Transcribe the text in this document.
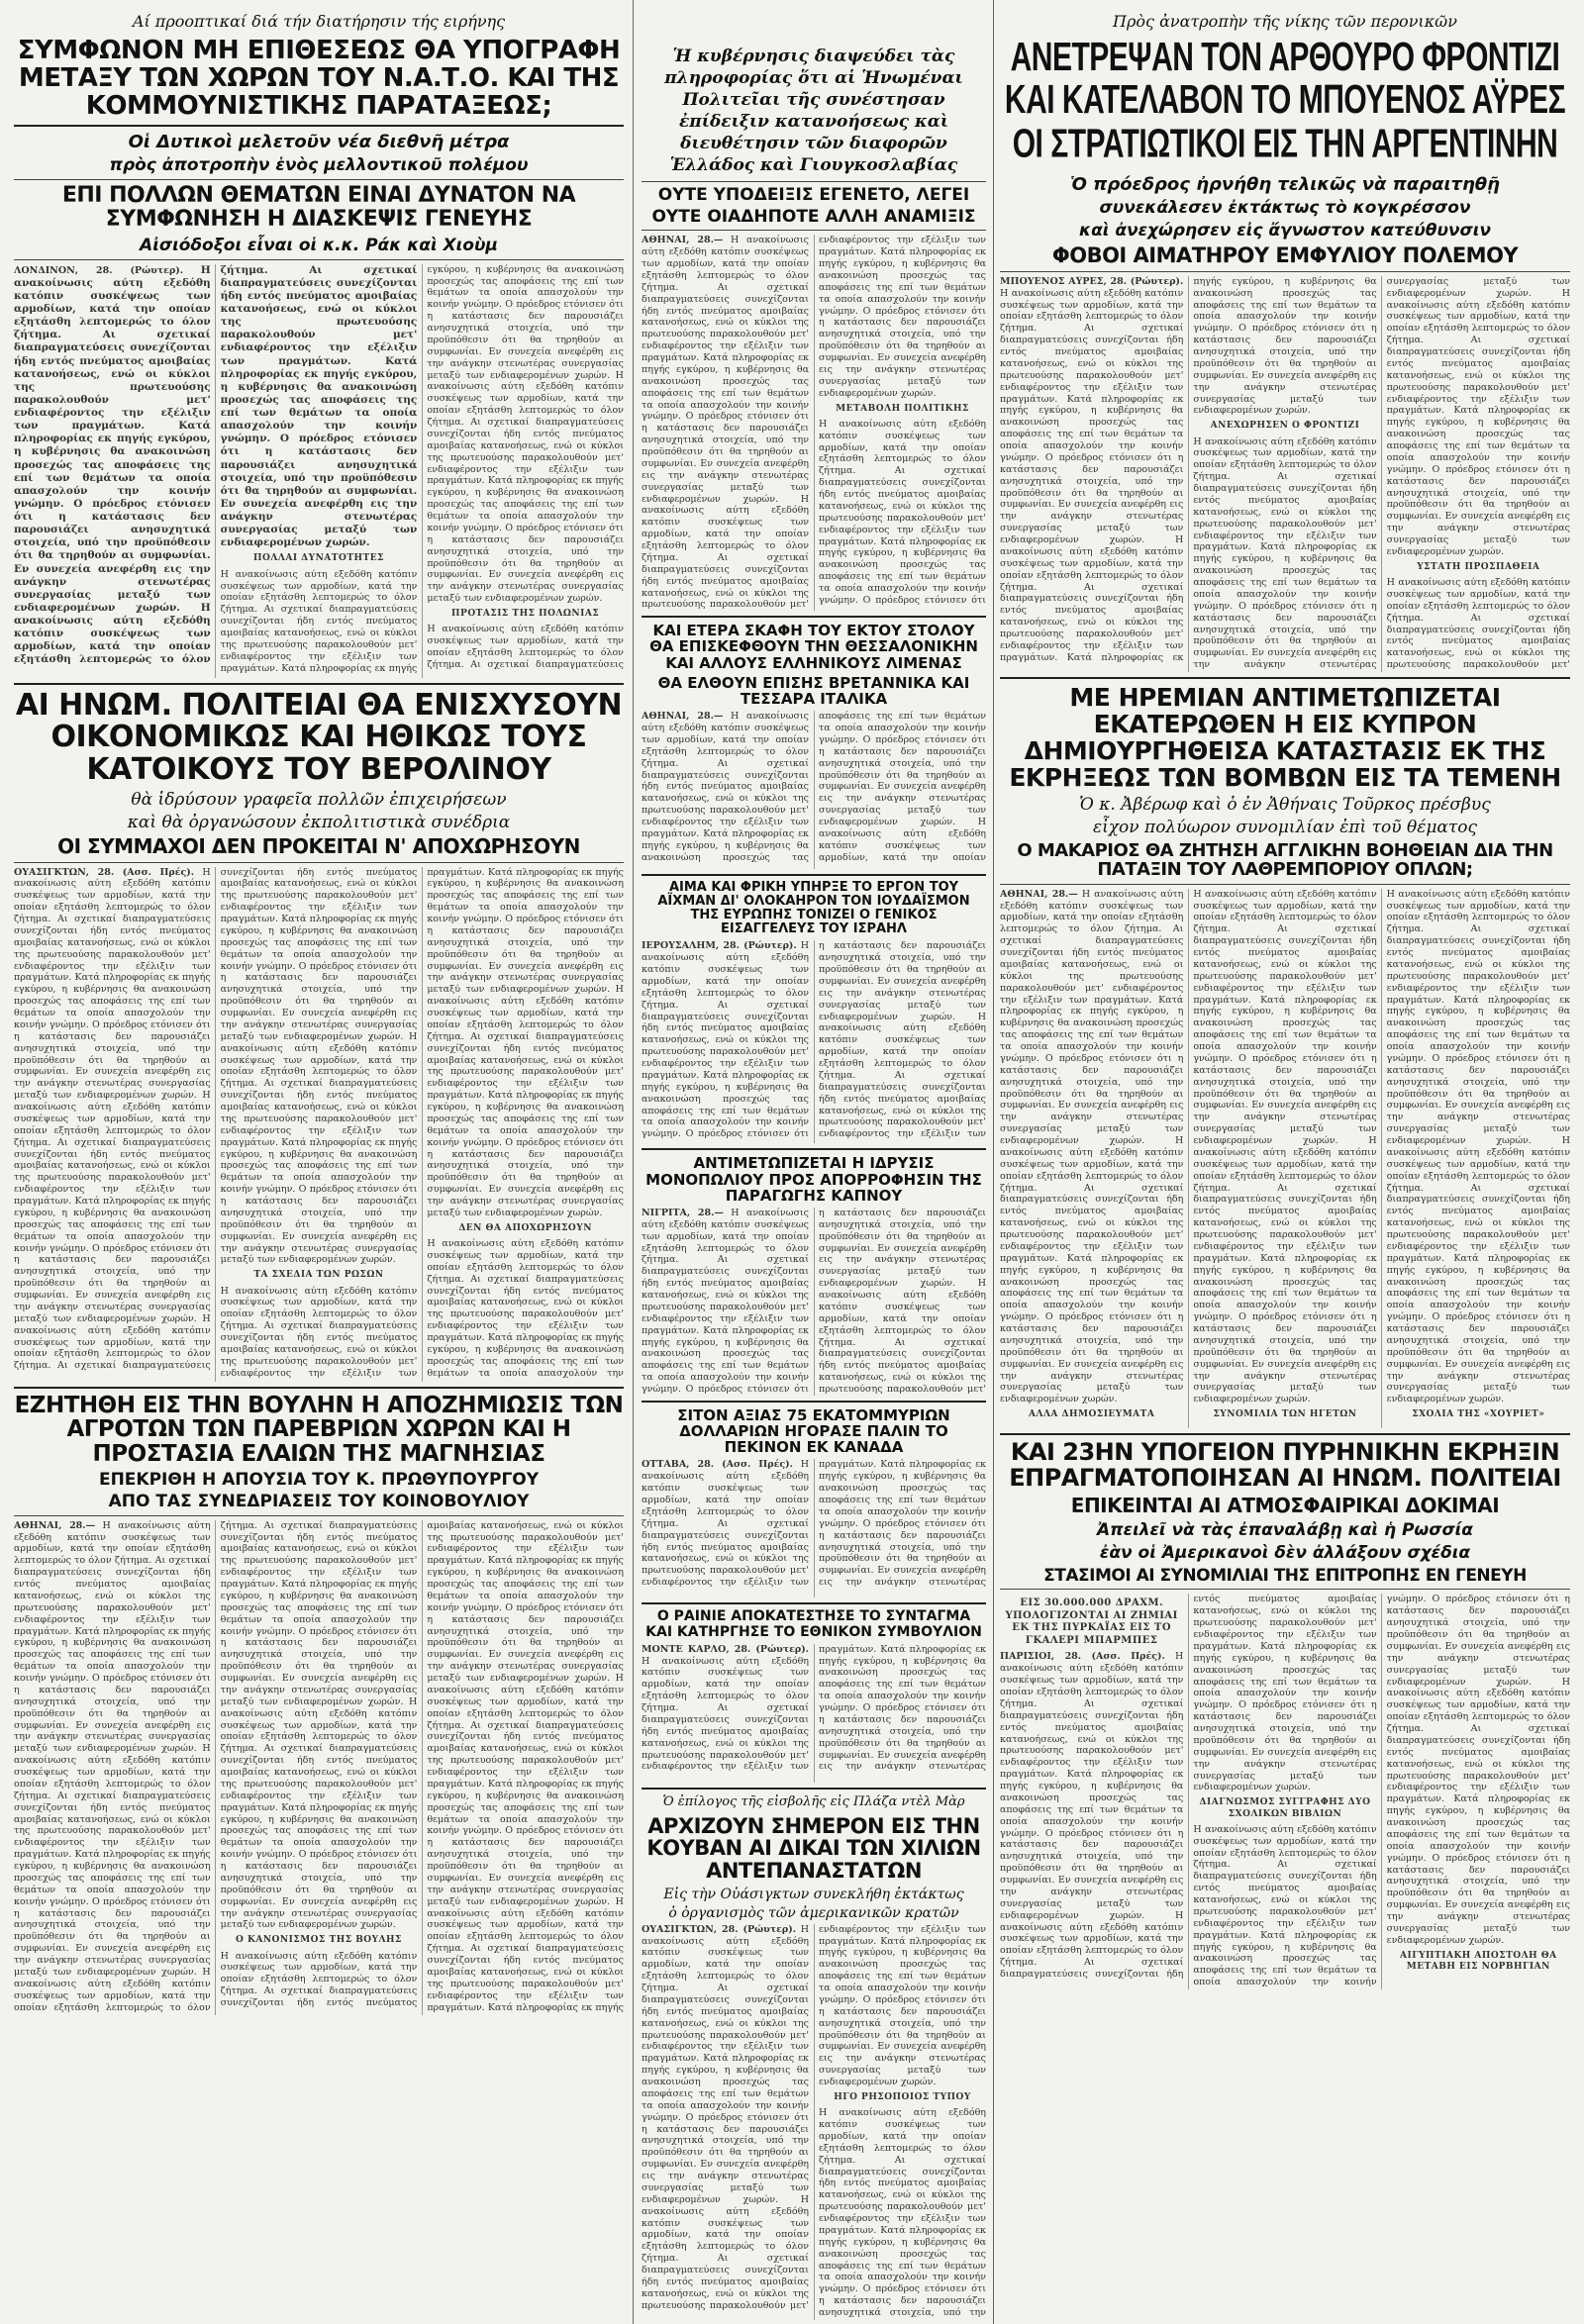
Αί προοπτικαί διά τήν διατήρησιν τής ειρήνης
ΣΥΜΦΩΝΟΝ ΜΗ ΕΠΙΘΕΣΕΩΣ ΘΑ ΥΠΟΓΡΑΦΗ ΜΕΤΑΞΥ ΤΩΝ ΧΩΡΩΝ ΤΟΥ Ν.Α.Τ.Ο. ΚΑΙ ΤΗΣ ΚΟΜΜΟΥΝΙΣΤΙΚΗΣ ΠΑΡΑΤΑΞΕΩΣ;
Οἱ Δυτικοὶ μελετοῦν νέα διεθνῆ μέτρα
πρὸς ἀποτροπὴν ἑνὸς μελλοντικοῦ πολέμου
ΕΠΙ ΠΟΛΛΩΝ ΘΕΜΑΤΩΝ ΕΙΝΑΙ ΔΥΝΑΤΟΝ ΝΑ ΣΥΜΦΩΝΗΣΗ Η ΔΙΑΣΚΕΨΙΣ ΓΕΝΕΥΗΣ
Αἰσιόδοξοι εἶναι οἱ κ.κ. Ράκ καὶ Χιοὺμ
ΛΟΝΔΙΝΟΝ, 28. (Ρώυτερ). Η ανακοίνωσις αύτη εξεδόθη κατόπιν συσκέψεως των αρμοδίων, κατά την οποίαν εξητάσθη λεπτομερώς το όλον ζήτημα. Αι σχετικαί διαπραγματεύσεις συνεχίζονται ήδη εντός πνεύματος αμοιβαίας κατανοήσεως, ενώ οι κύκλοι της πρωτευούσης παρακολουθούν μετ' ενδιαφέροντος την εξέλιξιν των πραγμάτων. Κατά πληροφορίας εκ πηγής εγκύρου, η κυβέρνησις θα ανακοινώση προσεχώς τας αποφάσεις της επί των θεμάτων τα οποία απασχολούν την κοινήν γνώμην. Ο πρόεδρος ετόνισεν ότι η κατάστασις δεν παρουσιάζει ανησυχητικά στοιχεία, υπό την προϋπόθεσιν ότι θα τηρηθούν αι συμφωνίαι. Εν συνεχεία ανεφέρθη εις την ανάγκην στενωτέρας συνεργασίας μεταξύ των ενδιαφερομένων χωρών. Η ανακοίνωσις αύτη εξεδόθη κατόπιν συσκέψεως των αρμοδίων, κατά την οποίαν εξητάσθη λεπτομερώς το όλον ζήτημα. Αι σχετικαί διαπραγματεύσεις συνεχίζονται ήδη εντός πνεύματος αμοιβαίας κατανοήσεως, ενώ οι κύκλοι της πρωτευούσης παρακολουθούν μετ' ενδιαφέροντος την εξέλιξιν των πραγμάτων. Κατά πληροφορίας εκ πηγής εγκύρου, η κυβέρνησις θα ανακοινώση προσεχώς τας αποφάσεις της επί των θεμάτων τα οποία απασχολούν την κοινήν γνώμην. Ο πρόεδρος ετόνισεν ότι η κατάστασις δεν παρουσιάζει ανησυχητικά στοιχεία, υπό την προϋπόθεσιν ότι θα τηρηθούν αι συμφωνίαι. Εν συνεχεία ανεφέρθη εις την ανάγκην στενωτέρας συνεργασίας μεταξύ των ενδιαφερομένων χωρών.
ΠΟΛΛΑΙ ΔΥΝΑΤΟΤΗΤΕΣ
Η ανακοίνωσις αύτη εξεδόθη κατόπιν συσκέψεως των αρμοδίων, κατά την οποίαν εξητάσθη λεπτομερώς το όλον ζήτημα. Αι σχετικαί διαπραγματεύσεις συνεχίζονται ήδη εντός πνεύματος αμοιβαίας κατανοήσεως, ενώ οι κύκλοι της πρωτευούσης παρακολουθούν μετ' ενδιαφέροντος την εξέλιξιν των πραγμάτων. Κατά πληροφορίας εκ πηγής εγκύρου, η κυβέρνησις θα ανακοινώση προσεχώς τας αποφάσεις της επί των θεμάτων τα οποία απασχολούν την κοινήν γνώμην. Ο πρόεδρος ετόνισεν ότι η κατάστασις δεν παρουσιάζει ανησυχητικά στοιχεία, υπό την προϋπόθεσιν ότι θα τηρηθούν αι συμφωνίαι. Εν συνεχεία ανεφέρθη εις την ανάγκην στενωτέρας συνεργασίας μεταξύ των ενδιαφερομένων χωρών. Η ανακοίνωσις αύτη εξεδόθη κατόπιν συσκέψεως των αρμοδίων, κατά την οποίαν εξητάσθη λεπτομερώς το όλον ζήτημα. Αι σχετικαί διαπραγματεύσεις συνεχίζονται ήδη εντός πνεύματος αμοιβαίας κατανοήσεως, ενώ οι κύκλοι της πρωτευούσης παρακολουθούν μετ' ενδιαφέροντος την εξέλιξιν των πραγμάτων. Κατά πληροφορίας εκ πηγής εγκύρου, η κυβέρνησις θα ανακοινώση προσεχώς τας αποφάσεις της επί των θεμάτων τα οποία απασχολούν την κοινήν γνώμην. Ο πρόεδρος ετόνισεν ότι η κατάστασις δεν παρουσιάζει ανησυχητικά στοιχεία, υπό την προϋπόθεσιν ότι θα τηρηθούν αι συμφωνίαι. Εν συνεχεία ανεφέρθη εις την ανάγκην στενωτέρας συνεργασίας μεταξύ των ενδιαφερομένων χωρών.
ΠΡΟΤΑΣΙΣ ΤΗΣ ΠΟΛΩΝΙΑΣ
Η ανακοίνωσις αύτη εξεδόθη κατόπιν συσκέψεως των αρμοδίων, κατά την οποίαν εξητάσθη λεπτομερώς το όλον ζήτημα. Αι σχετικαί διαπραγματεύσεις
ΑΙ ΗΝΩΜ. ΠΟΛΙΤΕΙΑΙ ΘΑ ΕΝΙΣΧΥΣΟΥΝ ΟΙΚΟΝΟΜΙΚΩΣ ΚΑΙ ΗΘΙΚΩΣ ΤΟΥΣ ΚΑΤΟΙΚΟΥΣ ΤΟΥ ΒΕΡΟΛΙΝΟΥ
θὰ ἱδρύσουν γραφεῖα πολλῶν ἐπιχειρήσεων
καὶ θὰ ὀργανώσουν ἐκπολιτιστικὰ συνέδρια
ΟΙ ΣΥΜΜΑΧΟΙ ΔΕΝ ΠΡΟΚΕΙΤΑΙ Ν' ΑΠΟΧΩΡΗΣΟΥΝ
ΟΥΑΣΙΓΚΤΩΝ, 28. (Ασσ. Πρές). Η ανακοίνωσις αύτη εξεδόθη κατόπιν συσκέψεως των αρμοδίων, κατά την οποίαν εξητάσθη λεπτομερώς το όλον ζήτημα. Αι σχετικαί διαπραγματεύσεις συνεχίζονται ήδη εντός πνεύματος αμοιβαίας κατανοήσεως, ενώ οι κύκλοι της πρωτευούσης παρακολουθούν μετ' ενδιαφέροντος την εξέλιξιν των πραγμάτων. Κατά πληροφορίας εκ πηγής εγκύρου, η κυβέρνησις θα ανακοινώση προσεχώς τας αποφάσεις της επί των θεμάτων τα οποία απασχολούν την κοινήν γνώμην. Ο πρόεδρος ετόνισεν ότι η κατάστασις δεν παρουσιάζει ανησυχητικά στοιχεία, υπό την προϋπόθεσιν ότι θα τηρηθούν αι συμφωνίαι. Εν συνεχεία ανεφέρθη εις την ανάγκην στενωτέρας συνεργασίας μεταξύ των ενδιαφερομένων χωρών. Η ανακοίνωσις αύτη εξεδόθη κατόπιν συσκέψεως των αρμοδίων, κατά την οποίαν εξητάσθη λεπτομερώς το όλον ζήτημα. Αι σχετικαί διαπραγματεύσεις συνεχίζονται ήδη εντός πνεύματος αμοιβαίας κατανοήσεως, ενώ οι κύκλοι της πρωτευούσης παρακολουθούν μετ' ενδιαφέροντος την εξέλιξιν των πραγμάτων. Κατά πληροφορίας εκ πηγής εγκύρου, η κυβέρνησις θα ανακοινώση προσεχώς τας αποφάσεις της επί των θεμάτων τα οποία απασχολούν την κοινήν γνώμην. Ο πρόεδρος ετόνισεν ότι η κατάστασις δεν παρουσιάζει ανησυχητικά στοιχεία, υπό την προϋπόθεσιν ότι θα τηρηθούν αι συμφωνίαι. Εν συνεχεία ανεφέρθη εις την ανάγκην στενωτέρας συνεργασίας μεταξύ των ενδιαφερομένων χωρών. Η ανακοίνωσις αύτη εξεδόθη κατόπιν συσκέψεως των αρμοδίων, κατά την οποίαν εξητάσθη λεπτομερώς το όλον ζήτημα. Αι σχετικαί διαπραγματεύσεις συνεχίζονται ήδη εντός πνεύματος αμοιβαίας κατανοήσεως, ενώ οι κύκλοι της πρωτευούσης παρακολουθούν μετ' ενδιαφέροντος την εξέλιξιν των πραγμάτων. Κατά πληροφορίας εκ πηγής εγκύρου, η κυβέρνησις θα ανακοινώση προσεχώς τας αποφάσεις της επί των θεμάτων τα οποία απασχολούν την κοινήν γνώμην. Ο πρόεδρος ετόνισεν ότι η κατάστασις δεν παρουσιάζει ανησυχητικά στοιχεία, υπό την προϋπόθεσιν ότι θα τηρηθούν αι συμφωνίαι. Εν συνεχεία ανεφέρθη εις την ανάγκην στενωτέρας συνεργασίας μεταξύ των ενδιαφερομένων χωρών. Η ανακοίνωσις αύτη εξεδόθη κατόπιν συσκέψεως των αρμοδίων, κατά την οποίαν εξητάσθη λεπτομερώς το όλον ζήτημα. Αι σχετικαί διαπραγματεύσεις συνεχίζονται ήδη εντός πνεύματος αμοιβαίας κατανοήσεως, ενώ οι κύκλοι της πρωτευούσης παρακολουθούν μετ' ενδιαφέροντος την εξέλιξιν των πραγμάτων. Κατά πληροφορίας εκ πηγής εγκύρου, η κυβέρνησις θα ανακοινώση προσεχώς τας αποφάσεις της επί των θεμάτων τα οποία απασχολούν την κοινήν γνώμην. Ο πρόεδρος ετόνισεν ότι η κατάστασις δεν παρουσιάζει ανησυχητικά στοιχεία, υπό την προϋπόθεσιν ότι θα τηρηθούν αι συμφωνίαι. Εν συνεχεία ανεφέρθη εις την ανάγκην στενωτέρας συνεργασίας μεταξύ των ενδιαφερομένων χωρών.
ΤΑ ΣΧΕΔΙΑ ΤΩΝ ΡΩΣΩΝ
Η ανακοίνωσις αύτη εξεδόθη κατόπιν συσκέψεως των αρμοδίων, κατά την οποίαν εξητάσθη λεπτομερώς το όλον ζήτημα. Αι σχετικαί διαπραγματεύσεις συνεχίζονται ήδη εντός πνεύματος αμοιβαίας κατανοήσεως, ενώ οι κύκλοι της πρωτευούσης παρακολουθούν μετ' ενδιαφέροντος την εξέλιξιν των πραγμάτων. Κατά πληροφορίας εκ πηγής εγκύρου, η κυβέρνησις θα ανακοινώση προσεχώς τας αποφάσεις της επί των θεμάτων τα οποία απασχολούν την κοινήν γνώμην. Ο πρόεδρος ετόνισεν ότι η κατάστασις δεν παρουσιάζει ανησυχητικά στοιχεία, υπό την προϋπόθεσιν ότι θα τηρηθούν αι συμφωνίαι. Εν συνεχεία ανεφέρθη εις την ανάγκην στενωτέρας συνεργασίας μεταξύ των ενδιαφερομένων χωρών. Η ανακοίνωσις αύτη εξεδόθη κατόπιν συσκέψεως των αρμοδίων, κατά την οποίαν εξητάσθη λεπτομερώς το όλον ζήτημα. Αι σχετικαί διαπραγματεύσεις συνεχίζονται ήδη εντός πνεύματος αμοιβαίας κατανοήσεως, ενώ οι κύκλοι της πρωτευούσης παρακολουθούν μετ' ενδιαφέροντος την εξέλιξιν των πραγμάτων. Κατά πληροφορίας εκ πηγής εγκύρου, η κυβέρνησις θα ανακοινώση προσεχώς τας αποφάσεις της επί των θεμάτων τα οποία απασχολούν την κοινήν γνώμην. Ο πρόεδρος ετόνισεν ότι η κατάστασις δεν παρουσιάζει ανησυχητικά στοιχεία, υπό την προϋπόθεσιν ότι θα τηρηθούν αι συμφωνίαι. Εν συνεχεία ανεφέρθη εις την ανάγκην στενωτέρας συνεργασίας μεταξύ των ενδιαφερομένων χωρών.
ΔΕΝ ΘΑ ΑΠΟΧΩΡΗΣΟΥΝ
Η ανακοίνωσις αύτη εξεδόθη κατόπιν συσκέψεως των αρμοδίων, κατά την οποίαν εξητάσθη λεπτομερώς το όλον ζήτημα. Αι σχετικαί διαπραγματεύσεις συνεχίζονται ήδη εντός πνεύματος αμοιβαίας κατανοήσεως, ενώ οι κύκλοι της πρωτευούσης παρακολουθούν μετ' ενδιαφέροντος την εξέλιξιν των πραγμάτων. Κατά πληροφορίας εκ πηγής εγκύρου, η κυβέρνησις θα ανακοινώση προσεχώς τας αποφάσεις της επί των θεμάτων τα οποία απασχολούν την
ΕΖΗΤΗΘΗ ΕΙΣ ΤΗΝ ΒΟΥΛΗΝ Η ΑΠΟΖΗΜΙΩΣΙΣ ΤΩΝ ΑΓΡΟΤΩΝ ΤΩΝ ΠΑΡΕΒΡΙΩΝ ΧΩΡΩΝ ΚΑΙ Η ΠΡΟΣΤΑΣΙΑ ΕΛΑΙΩΝ ΤΗΣ ΜΑΓΝΗΣΙΑΣ
ΕΠΕΚΡΙΘΗ Η ΑΠΟΥΣΙΑ ΤΟΥ Κ. ΠΡΩΘΥΠΟΥΡΓΟΥ
ΑΠΟ ΤΑΣ ΣΥΝΕΔΡΙΑΣΕΙΣ ΤΟΥ ΚΟΙΝΟΒΟΥΛΙΟΥ
ΑΘΗΝΑΙ, 28.— Η ανακοίνωσις αύτη εξεδόθη κατόπιν συσκέψεως των αρμοδίων, κατά την οποίαν εξητάσθη λεπτομερώς το όλον ζήτημα. Αι σχετικαί διαπραγματεύσεις συνεχίζονται ήδη εντός πνεύματος αμοιβαίας κατανοήσεως, ενώ οι κύκλοι της πρωτευούσης παρακολουθούν μετ' ενδιαφέροντος την εξέλιξιν των πραγμάτων. Κατά πληροφορίας εκ πηγής εγκύρου, η κυβέρνησις θα ανακοινώση προσεχώς τας αποφάσεις της επί των θεμάτων τα οποία απασχολούν την κοινήν γνώμην. Ο πρόεδρος ετόνισεν ότι η κατάστασις δεν παρουσιάζει ανησυχητικά στοιχεία, υπό την προϋπόθεσιν ότι θα τηρηθούν αι συμφωνίαι. Εν συνεχεία ανεφέρθη εις την ανάγκην στενωτέρας συνεργασίας μεταξύ των ενδιαφερομένων χωρών. Η ανακοίνωσις αύτη εξεδόθη κατόπιν συσκέψεως των αρμοδίων, κατά την οποίαν εξητάσθη λεπτομερώς το όλον ζήτημα. Αι σχετικαί διαπραγματεύσεις συνεχίζονται ήδη εντός πνεύματος αμοιβαίας κατανοήσεως, ενώ οι κύκλοι της πρωτευούσης παρακολουθούν μετ' ενδιαφέροντος την εξέλιξιν των πραγμάτων. Κατά πληροφορίας εκ πηγής εγκύρου, η κυβέρνησις θα ανακοινώση προσεχώς τας αποφάσεις της επί των θεμάτων τα οποία απασχολούν την κοινήν γνώμην. Ο πρόεδρος ετόνισεν ότι η κατάστασις δεν παρουσιάζει ανησυχητικά στοιχεία, υπό την προϋπόθεσιν ότι θα τηρηθούν αι συμφωνίαι. Εν συνεχεία ανεφέρθη εις την ανάγκην στενωτέρας συνεργασίας μεταξύ των ενδιαφερομένων χωρών. Η ανακοίνωσις αύτη εξεδόθη κατόπιν συσκέψεως των αρμοδίων, κατά την οποίαν εξητάσθη λεπτομερώς το όλον ζήτημα. Αι σχετικαί διαπραγματεύσεις συνεχίζονται ήδη εντός πνεύματος αμοιβαίας κατανοήσεως, ενώ οι κύκλοι της πρωτευούσης παρακολουθούν μετ' ενδιαφέροντος την εξέλιξιν των πραγμάτων. Κατά πληροφορίας εκ πηγής εγκύρου, η κυβέρνησις θα ανακοινώση προσεχώς τας αποφάσεις της επί των θεμάτων τα οποία απασχολούν την κοινήν γνώμην. Ο πρόεδρος ετόνισεν ότι η κατάστασις δεν παρουσιάζει ανησυχητικά στοιχεία, υπό την προϋπόθεσιν ότι θα τηρηθούν αι συμφωνίαι. Εν συνεχεία ανεφέρθη εις την ανάγκην στενωτέρας συνεργασίας μεταξύ των ενδιαφερομένων χωρών. Η ανακοίνωσις αύτη εξεδόθη κατόπιν συσκέψεως των αρμοδίων, κατά την οποίαν εξητάσθη λεπτομερώς το όλον ζήτημα. Αι σχετικαί διαπραγματεύσεις συνεχίζονται ήδη εντός πνεύματος αμοιβαίας κατανοήσεως, ενώ οι κύκλοι της πρωτευούσης παρακολουθούν μετ' ενδιαφέροντος την εξέλιξιν των πραγμάτων. Κατά πληροφορίας εκ πηγής εγκύρου, η κυβέρνησις θα ανακοινώση προσεχώς τας αποφάσεις της επί των θεμάτων τα οποία απασχολούν την κοινήν γνώμην. Ο πρόεδρος ετόνισεν ότι η κατάστασις δεν παρουσιάζει ανησυχητικά στοιχεία, υπό την προϋπόθεσιν ότι θα τηρηθούν αι συμφωνίαι. Εν συνεχεία ανεφέρθη εις την ανάγκην στενωτέρας συνεργασίας μεταξύ των ενδιαφερομένων χωρών.
Ο ΚΑΝΟΝΙΣΜΟΣ ΤΗΣ ΒΟΥΛΗΣ
Η ανακοίνωσις αύτη εξεδόθη κατόπιν συσκέψεως των αρμοδίων, κατά την οποίαν εξητάσθη λεπτομερώς το όλον ζήτημα. Αι σχετικαί διαπραγματεύσεις συνεχίζονται ήδη εντός πνεύματος αμοιβαίας κατανοήσεως, ενώ οι κύκλοι της πρωτευούσης παρακολουθούν μετ' ενδιαφέροντος την εξέλιξιν των πραγμάτων. Κατά πληροφορίας εκ πηγής εγκύρου, η κυβέρνησις θα ανακοινώση προσεχώς τας αποφάσεις της επί των θεμάτων τα οποία απασχολούν την κοινήν γνώμην. Ο πρόεδρος ετόνισεν ότι η κατάστασις δεν παρουσιάζει ανησυχητικά στοιχεία, υπό την προϋπόθεσιν ότι θα τηρηθούν αι συμφωνίαι. Εν συνεχεία ανεφέρθη εις την ανάγκην στενωτέρας συνεργασίας μεταξύ των ενδιαφερομένων χωρών. Η ανακοίνωσις αύτη εξεδόθη κατόπιν συσκέψεως των αρμοδίων, κατά την οποίαν εξητάσθη λεπτομερώς το όλον ζήτημα. Αι σχετικαί διαπραγματεύσεις συνεχίζονται ήδη εντός πνεύματος αμοιβαίας κατανοήσεως, ενώ οι κύκλοι της πρωτευούσης παρακολουθούν μετ' ενδιαφέροντος την εξέλιξιν των πραγμάτων. Κατά πληροφορίας εκ πηγής εγκύρου, η κυβέρνησις θα ανακοινώση προσεχώς τας αποφάσεις της επί των θεμάτων τα οποία απασχολούν την κοινήν γνώμην. Ο πρόεδρος ετόνισεν ότι η κατάστασις δεν παρουσιάζει ανησυχητικά στοιχεία, υπό την προϋπόθεσιν ότι θα τηρηθούν αι συμφωνίαι. Εν συνεχεία ανεφέρθη εις την ανάγκην στενωτέρας συνεργασίας μεταξύ των ενδιαφερομένων χωρών. Η ανακοίνωσις αύτη εξεδόθη κατόπιν συσκέψεως των αρμοδίων, κατά την οποίαν εξητάσθη λεπτομερώς το όλον ζήτημα. Αι σχετικαί διαπραγματεύσεις συνεχίζονται ήδη εντός πνεύματος αμοιβαίας κατανοήσεως, ενώ οι κύκλοι της πρωτευούσης παρακολουθούν μετ' ενδιαφέροντος την εξέλιξιν των πραγμάτων. Κατά πληροφορίας εκ πηγής
Ἡ κυβέρνησις διαψεύδει τὰς πληροφορίας ὅτι αἱ Ἡνωμέναι Πολιτεῖαι τῆς συνέστησαν ἐπίδειξιν κατανοήσεως καὶ διευθέτησιν τῶν διαφορῶν Ἑλλάδος καὶ Γιουγκοσλαβίας
ΟΥΤΕ ΥΠΟΔΕΙΞΙΣ ΕΓΕΝΕΤΟ, ΛΕΓΕΙ
ΟΥΤΕ ΟΙΑΔΗΠΟΤΕ ΑΛΛΗ ΑΝΑΜΙΞΙΣ
ΑΘΗΝΑΙ, 28.— Η ανακοίνωσις αύτη εξεδόθη κατόπιν συσκέψεως των αρμοδίων, κατά την οποίαν εξητάσθη λεπτομερώς το όλον ζήτημα. Αι σχετικαί διαπραγματεύσεις συνεχίζονται ήδη εντός πνεύματος αμοιβαίας κατανοήσεως, ενώ οι κύκλοι της πρωτευούσης παρακολουθούν μετ' ενδιαφέροντος την εξέλιξιν των πραγμάτων. Κατά πληροφορίας εκ πηγής εγκύρου, η κυβέρνησις θα ανακοινώση προσεχώς τας αποφάσεις της επί των θεμάτων τα οποία απασχολούν την κοινήν γνώμην. Ο πρόεδρος ετόνισεν ότι η κατάστασις δεν παρουσιάζει ανησυχητικά στοιχεία, υπό την προϋπόθεσιν ότι θα τηρηθούν αι συμφωνίαι. Εν συνεχεία ανεφέρθη εις την ανάγκην στενωτέρας συνεργασίας μεταξύ των ενδιαφερομένων χωρών. Η ανακοίνωσις αύτη εξεδόθη κατόπιν συσκέψεως των αρμοδίων, κατά την οποίαν εξητάσθη λεπτομερώς το όλον ζήτημα. Αι σχετικαί διαπραγματεύσεις συνεχίζονται ήδη εντός πνεύματος αμοιβαίας κατανοήσεως, ενώ οι κύκλοι της πρωτευούσης παρακολουθούν μετ' ενδιαφέροντος την εξέλιξιν των πραγμάτων. Κατά πληροφορίας εκ πηγής εγκύρου, η κυβέρνησις θα ανακοινώση προσεχώς τας αποφάσεις της επί των θεμάτων τα οποία απασχολούν την κοινήν γνώμην. Ο πρόεδρος ετόνισεν ότι η κατάστασις δεν παρουσιάζει ανησυχητικά στοιχεία, υπό την προϋπόθεσιν ότι θα τηρηθούν αι συμφωνίαι. Εν συνεχεία ανεφέρθη εις την ανάγκην στενωτέρας συνεργασίας μεταξύ των ενδιαφερομένων χωρών.
ΜΕΤΑΒΟΛΗ ΠΟΛΙΤΙΚΗΣ
Η ανακοίνωσις αύτη εξεδόθη κατόπιν συσκέψεως των αρμοδίων, κατά την οποίαν εξητάσθη λεπτομερώς το όλον ζήτημα. Αι σχετικαί διαπραγματεύσεις συνεχίζονται ήδη εντός πνεύματος αμοιβαίας κατανοήσεως, ενώ οι κύκλοι της πρωτευούσης παρακολουθούν μετ' ενδιαφέροντος την εξέλιξιν των πραγμάτων. Κατά πληροφορίας εκ πηγής εγκύρου, η κυβέρνησις θα ανακοινώση προσεχώς τας αποφάσεις της επί των θεμάτων τα οποία απασχολούν την κοινήν γνώμην. Ο πρόεδρος ετόνισεν ότι
ΚΑΙ ΕΤΕΡΑ ΣΚΑΦΗ ΤΟΥ ΕΚΤΟΥ ΣΤΟΛΟΥ ΘΑ ΕΠΙΣΚΕΦΘΟΥΝ ΤΗΝ ΘΕΣΣΑΛΟΝΙΚΗΝ ΚΑΙ ΑΛΛΟΥΣ ΕΛΛΗΝΙΚΟΥΣ ΛΙΜΕΝΑΣ
ΘΑ ΕΛΘΟΥΝ ΕΠΙΣΗΣ ΒΡΕΤΑΝΝΙΚΑ ΚΑΙ ΤΕΣΣΑΡΑ ΙΤΑΛΙΚΑ
ΑΘΗΝΑΙ, 28.— Η ανακοίνωσις αύτη εξεδόθη κατόπιν συσκέψεως των αρμοδίων, κατά την οποίαν εξητάσθη λεπτομερώς το όλον ζήτημα. Αι σχετικαί διαπραγματεύσεις συνεχίζονται ήδη εντός πνεύματος αμοιβαίας κατανοήσεως, ενώ οι κύκλοι της πρωτευούσης παρακολουθούν μετ' ενδιαφέροντος την εξέλιξιν των πραγμάτων. Κατά πληροφορίας εκ πηγής εγκύρου, η κυβέρνησις θα ανακοινώση προσεχώς τας αποφάσεις της επί των θεμάτων τα οποία απασχολούν την κοινήν γνώμην. Ο πρόεδρος ετόνισεν ότι η κατάστασις δεν παρουσιάζει ανησυχητικά στοιχεία, υπό την προϋπόθεσιν ότι θα τηρηθούν αι συμφωνίαι. Εν συνεχεία ανεφέρθη εις την ανάγκην στενωτέρας συνεργασίας μεταξύ των ενδιαφερομένων χωρών. Η ανακοίνωσις αύτη εξεδόθη κατόπιν συσκέψεως των αρμοδίων, κατά την οποίαν
ΑΙΜΑ ΚΑΙ ΦΡΙΚΗ ΥΠΗΡΞΕ ΤΟ ΕΡΓΟΝ ΤΟΥ ΑΪΧΜΑΝ ΔΙ' ΟΛΟΚΑΗΡΟΝ ΤΟΝ ΙΟΥΔΑΪΣΜΟΝ ΤΗΣ ΕΥΡΩΠΗΣ ΤΟΝΙΖΕΙ Ο ΓΕΝΙΚΟΣ ΕΙΣΑΓΓΕΛΕΥΣ ΤΟΥ ΙΣΡΑΗΛ
ΙΕΡΟΥΣΑΛΗΜ, 28. (Ρώυτερ). Η ανακοίνωσις αύτη εξεδόθη κατόπιν συσκέψεως των αρμοδίων, κατά την οποίαν εξητάσθη λεπτομερώς το όλον ζήτημα. Αι σχετικαί διαπραγματεύσεις συνεχίζονται ήδη εντός πνεύματος αμοιβαίας κατανοήσεως, ενώ οι κύκλοι της πρωτευούσης παρακολουθούν μετ' ενδιαφέροντος την εξέλιξιν των πραγμάτων. Κατά πληροφορίας εκ πηγής εγκύρου, η κυβέρνησις θα ανακοινώση προσεχώς τας αποφάσεις της επί των θεμάτων τα οποία απασχολούν την κοινήν γνώμην. Ο πρόεδρος ετόνισεν ότι η κατάστασις δεν παρουσιάζει ανησυχητικά στοιχεία, υπό την προϋπόθεσιν ότι θα τηρηθούν αι συμφωνίαι. Εν συνεχεία ανεφέρθη εις την ανάγκην στενωτέρας συνεργασίας μεταξύ των ενδιαφερομένων χωρών. Η ανακοίνωσις αύτη εξεδόθη κατόπιν συσκέψεως των αρμοδίων, κατά την οποίαν εξητάσθη λεπτομερώς το όλον ζήτημα. Αι σχετικαί διαπραγματεύσεις συνεχίζονται ήδη εντός πνεύματος αμοιβαίας κατανοήσεως, ενώ οι κύκλοι της πρωτευούσης παρακολουθούν μετ' ενδιαφέροντος την εξέλιξιν των
ΑΝΤΙΜΕΤΩΠΙΖΕΤΑΙ Η ΙΔΡΥΣΙΣ ΜΟΝΟΠΩΛΙΟΥ ΠΡΟΣ ΑΠΟΡΡΟΦΗΣΙΝ ΤΗΣ ΠΑΡΑΓΩΓΗΣ ΚΑΠΝΟΥ
ΝΙΓΡΙΤΑ, 28.— Η ανακοίνωσις αύτη εξεδόθη κατόπιν συσκέψεως των αρμοδίων, κατά την οποίαν εξητάσθη λεπτομερώς το όλον ζήτημα. Αι σχετικαί διαπραγματεύσεις συνεχίζονται ήδη εντός πνεύματος αμοιβαίας κατανοήσεως, ενώ οι κύκλοι της πρωτευούσης παρακολουθούν μετ' ενδιαφέροντος την εξέλιξιν των πραγμάτων. Κατά πληροφορίας εκ πηγής εγκύρου, η κυβέρνησις θα ανακοινώση προσεχώς τας αποφάσεις της επί των θεμάτων τα οποία απασχολούν την κοινήν γνώμην. Ο πρόεδρος ετόνισεν ότι η κατάστασις δεν παρουσιάζει ανησυχητικά στοιχεία, υπό την προϋπόθεσιν ότι θα τηρηθούν αι συμφωνίαι. Εν συνεχεία ανεφέρθη εις την ανάγκην στενωτέρας συνεργασίας μεταξύ των ενδιαφερομένων χωρών. Η ανακοίνωσις αύτη εξεδόθη κατόπιν συσκέψεως των αρμοδίων, κατά την οποίαν εξητάσθη λεπτομερώς το όλον ζήτημα. Αι σχετικαί διαπραγματεύσεις συνεχίζονται ήδη εντός πνεύματος αμοιβαίας κατανοήσεως, ενώ οι κύκλοι της πρωτευούσης παρακολουθούν μετ'
ΣΙΤΟΝ ΑΞΙΑΣ 75 ΕΚΑΤΟΜΜΥΡΙΩΝ ΔΟΛΛΑΡΙΩΝ ΗΓΟΡΑΣΕ ΠΑΛΙΝ ΤΟ ΠΕΚΙΝΟΝ ΕΚ ΚΑΝΑΔΑ
ΟΤΤΑΒΑ, 28. (Ασσ. Πρές). Η ανακοίνωσις αύτη εξεδόθη κατόπιν συσκέψεως των αρμοδίων, κατά την οποίαν εξητάσθη λεπτομερώς το όλον ζήτημα. Αι σχετικαί διαπραγματεύσεις συνεχίζονται ήδη εντός πνεύματος αμοιβαίας κατανοήσεως, ενώ οι κύκλοι της πρωτευούσης παρακολουθούν μετ' ενδιαφέροντος την εξέλιξιν των πραγμάτων. Κατά πληροφορίας εκ πηγής εγκύρου, η κυβέρνησις θα ανακοινώση προσεχώς τας αποφάσεις της επί των θεμάτων τα οποία απασχολούν την κοινήν γνώμην. Ο πρόεδρος ετόνισεν ότι η κατάστασις δεν παρουσιάζει ανησυχητικά στοιχεία, υπό την προϋπόθεσιν ότι θα τηρηθούν αι συμφωνίαι. Εν συνεχεία ανεφέρθη εις την ανάγκην στενωτέρας
Ο ΡΑΙΝΙΕ ΑΠΟΚΑΤΕΣΤΗΣΕ ΤΟ ΣΥΝΤΑΓΜΑ ΚΑΙ ΚΑΤΗΡΓΗΣΕ ΤΟ ΕΘΝΙΚΟΝ ΣΥΜΒΟΥΛΙΟΝ
ΜΟΝΤΕ ΚΑΡΛΟ, 28. (Ρώυτερ). Η ανακοίνωσις αύτη εξεδόθη κατόπιν συσκέψεως των αρμοδίων, κατά την οποίαν εξητάσθη λεπτομερώς το όλον ζήτημα. Αι σχετικαί διαπραγματεύσεις συνεχίζονται ήδη εντός πνεύματος αμοιβαίας κατανοήσεως, ενώ οι κύκλοι της πρωτευούσης παρακολουθούν μετ' ενδιαφέροντος την εξέλιξιν των πραγμάτων. Κατά πληροφορίας εκ πηγής εγκύρου, η κυβέρνησις θα ανακοινώση προσεχώς τας αποφάσεις της επί των θεμάτων τα οποία απασχολούν την κοινήν γνώμην. Ο πρόεδρος ετόνισεν ότι η κατάστασις δεν παρουσιάζει ανησυχητικά στοιχεία, υπό την προϋπόθεσιν ότι θα τηρηθούν αι συμφωνίαι. Εν συνεχεία ανεφέρθη εις την ανάγκην στενωτέρας
Ὁ ἐπίλογος τῆς εἰσβολῆς εἰς Πλάζα ντὲλ Μὰρ
ΑΡΧΙΖΟΥΝ ΣΗΜΕΡΟΝ ΕΙΣ ΤΗΝ ΚΟΥΒΑΝ ΑΙ ΔΙΚΑΙ ΤΩΝ ΧΙΛΙΩΝ ΑΝΤΕΠΑΝΑΣΤΑΤΩΝ
Εἰς τὴν Οὐάσιγκτων συνεκλήθη ἐκτάκτως
ὁ ὀργανισμὸς τῶν ἀμερικανικῶν κρατῶν
ΟΥΑΣΙΓΚΤΩΝ, 28. (Ρώυτερ). Η ανακοίνωσις αύτη εξεδόθη κατόπιν συσκέψεως των αρμοδίων, κατά την οποίαν εξητάσθη λεπτομερώς το όλον ζήτημα. Αι σχετικαί διαπραγματεύσεις συνεχίζονται ήδη εντός πνεύματος αμοιβαίας κατανοήσεως, ενώ οι κύκλοι της πρωτευούσης παρακολουθούν μετ' ενδιαφέροντος την εξέλιξιν των πραγμάτων. Κατά πληροφορίας εκ πηγής εγκύρου, η κυβέρνησις θα ανακοινώση προσεχώς τας αποφάσεις της επί των θεμάτων τα οποία απασχολούν την κοινήν γνώμην. Ο πρόεδρος ετόνισεν ότι η κατάστασις δεν παρουσιάζει ανησυχητικά στοιχεία, υπό την προϋπόθεσιν ότι θα τηρηθούν αι συμφωνίαι. Εν συνεχεία ανεφέρθη εις την ανάγκην στενωτέρας συνεργασίας μεταξύ των ενδιαφερομένων χωρών. Η ανακοίνωσις αύτη εξεδόθη κατόπιν συσκέψεως των αρμοδίων, κατά την οποίαν εξητάσθη λεπτομερώς το όλον ζήτημα. Αι σχετικαί διαπραγματεύσεις συνεχίζονται ήδη εντός πνεύματος αμοιβαίας κατανοήσεως, ενώ οι κύκλοι της πρωτευούσης παρακολουθούν μετ' ενδιαφέροντος την εξέλιξιν των πραγμάτων. Κατά πληροφορίας εκ πηγής εγκύρου, η κυβέρνησις θα ανακοινώση προσεχώς τας αποφάσεις της επί των θεμάτων τα οποία απασχολούν την κοινήν γνώμην. Ο πρόεδρος ετόνισεν ότι η κατάστασις δεν παρουσιάζει ανησυχητικά στοιχεία, υπό την προϋπόθεσιν ότι θα τηρηθούν αι συμφωνίαι. Εν συνεχεία ανεφέρθη εις την ανάγκην στενωτέρας συνεργασίας μεταξύ των ενδιαφερομένων χωρών.
ΗΓΟ ΡΗΣΟΠΟΙΟΣ ΤΥΠΟΥ
Η ανακοίνωσις αύτη εξεδόθη κατόπιν συσκέψεως των αρμοδίων, κατά την οποίαν εξητάσθη λεπτομερώς το όλον ζήτημα. Αι σχετικαί διαπραγματεύσεις συνεχίζονται ήδη εντός πνεύματος αμοιβαίας κατανοήσεως, ενώ οι κύκλοι της πρωτευούσης παρακολουθούν μετ' ενδιαφέροντος την εξέλιξιν των πραγμάτων. Κατά πληροφορίας εκ πηγής εγκύρου, η κυβέρνησις θα ανακοινώση προσεχώς τας αποφάσεις της επί των θεμάτων τα οποία απασχολούν την κοινήν γνώμην. Ο πρόεδρος ετόνισεν ότι η κατάστασις δεν παρουσιάζει ανησυχητικά στοιχεία, υπό την
Πρὸς ἀνατροπὴν τῆς νίκης τῶν περονικῶν
ΑΝΕΤΡΕΨΑΝ ΤΟΝ ΑΡΘΟΥΡΟ ΦΡΟΝΤΙΖΙ ΚΑΙ ΚΑΤΕΛΑΒΟΝ ΤΟ ΜΠΟΥΕΝΟΣ ΑΫΡΕΣ ΟΙ ΣΤΡΑΤΙΩΤΙΚΟΙ ΕΙΣ ΤΗΝ ΑΡΓΕΝΤΙΝΗΝ
Ὁ πρόεδρος ἠρνήθη τελικῶς νὰ παραιτηθῇ
συνεκάλεσεν ἐκτάκτως τὸ κογκρέσσον
καὶ ἀνεχώρησεν εἰς ἄγνωστον κατεύθυνσιν
ΦΟΒΟΙ ΑΙΜΑΤΗΡΟΥ ΕΜΦΥΛΙΟΥ ΠΟΛΕΜΟΥ
ΜΠΟΥΕΝΟΣ ΑΫΡΕΣ, 28. (Ρώυτερ). Η ανακοίνωσις αύτη εξεδόθη κατόπιν συσκέψεως των αρμοδίων, κατά την οποίαν εξητάσθη λεπτομερώς το όλον ζήτημα. Αι σχετικαί διαπραγματεύσεις συνεχίζονται ήδη εντός πνεύματος αμοιβαίας κατανοήσεως, ενώ οι κύκλοι της πρωτευούσης παρακολουθούν μετ' ενδιαφέροντος την εξέλιξιν των πραγμάτων. Κατά πληροφορίας εκ πηγής εγκύρου, η κυβέρνησις θα ανακοινώση προσεχώς τας αποφάσεις της επί των θεμάτων τα οποία απασχολούν την κοινήν γνώμην. Ο πρόεδρος ετόνισεν ότι η κατάστασις δεν παρουσιάζει ανησυχητικά στοιχεία, υπό την προϋπόθεσιν ότι θα τηρηθούν αι συμφωνίαι. Εν συνεχεία ανεφέρθη εις την ανάγκην στενωτέρας συνεργασίας μεταξύ των ενδιαφερομένων χωρών. Η ανακοίνωσις αύτη εξεδόθη κατόπιν συσκέψεως των αρμοδίων, κατά την οποίαν εξητάσθη λεπτομερώς το όλον ζήτημα. Αι σχετικαί διαπραγματεύσεις συνεχίζονται ήδη εντός πνεύματος αμοιβαίας κατανοήσεως, ενώ οι κύκλοι της πρωτευούσης παρακολουθούν μετ' ενδιαφέροντος την εξέλιξιν των πραγμάτων. Κατά πληροφορίας εκ πηγής εγκύρου, η κυβέρνησις θα ανακοινώση προσεχώς τας αποφάσεις της επί των θεμάτων τα οποία απασχολούν την κοινήν γνώμην. Ο πρόεδρος ετόνισεν ότι η κατάστασις δεν παρουσιάζει ανησυχητικά στοιχεία, υπό την προϋπόθεσιν ότι θα τηρηθούν αι συμφωνίαι. Εν συνεχεία ανεφέρθη εις την ανάγκην στενωτέρας συνεργασίας μεταξύ των ενδιαφερομένων χωρών.
ΑΝΕΧΩΡΗΣΕΝ Ο ΦΡΟΝΤΙΖΙ
Η ανακοίνωσις αύτη εξεδόθη κατόπιν συσκέψεως των αρμοδίων, κατά την οποίαν εξητάσθη λεπτομερώς το όλον ζήτημα. Αι σχετικαί διαπραγματεύσεις συνεχίζονται ήδη εντός πνεύματος αμοιβαίας κατανοήσεως, ενώ οι κύκλοι της πρωτευούσης παρακολουθούν μετ' ενδιαφέροντος την εξέλιξιν των πραγμάτων. Κατά πληροφορίας εκ πηγής εγκύρου, η κυβέρνησις θα ανακοινώση προσεχώς τας αποφάσεις της επί των θεμάτων τα οποία απασχολούν την κοινήν γνώμην. Ο πρόεδρος ετόνισεν ότι η κατάστασις δεν παρουσιάζει ανησυχητικά στοιχεία, υπό την προϋπόθεσιν ότι θα τηρηθούν αι συμφωνίαι. Εν συνεχεία ανεφέρθη εις την ανάγκην στενωτέρας συνεργασίας μεταξύ των ενδιαφερομένων χωρών. Η ανακοίνωσις αύτη εξεδόθη κατόπιν συσκέψεως των αρμοδίων, κατά την οποίαν εξητάσθη λεπτομερώς το όλον ζήτημα. Αι σχετικαί διαπραγματεύσεις συνεχίζονται ήδη εντός πνεύματος αμοιβαίας κατανοήσεως, ενώ οι κύκλοι της πρωτευούσης παρακολουθούν μετ' ενδιαφέροντος την εξέλιξιν των πραγμάτων. Κατά πληροφορίας εκ πηγής εγκύρου, η κυβέρνησις θα ανακοινώση προσεχώς τας αποφάσεις της επί των θεμάτων τα οποία απασχολούν την κοινήν γνώμην. Ο πρόεδρος ετόνισεν ότι η κατάστασις δεν παρουσιάζει ανησυχητικά στοιχεία, υπό την προϋπόθεσιν ότι θα τηρηθούν αι συμφωνίαι. Εν συνεχεία ανεφέρθη εις την ανάγκην στενωτέρας συνεργασίας μεταξύ των ενδιαφερομένων χωρών.
ΥΣΤΑΤΗ ΠΡΟΣΠΑΘΕΙΑ
Η ανακοίνωσις αύτη εξεδόθη κατόπιν συσκέψεως των αρμοδίων, κατά την οποίαν εξητάσθη λεπτομερώς το όλον ζήτημα. Αι σχετικαί διαπραγματεύσεις συνεχίζονται ήδη εντός πνεύματος αμοιβαίας κατανοήσεως, ενώ οι κύκλοι της πρωτευούσης παρακολουθούν μετ'
ΜΕ ΗΡΕΜΙΑΝ ΑΝΤΙΜΕΤΩΠΙΖΕΤΑΙ ΕΚΑΤΕΡΩΘΕΝ Η ΕΙΣ ΚΥΠΡΟΝ ΔΗΜΙΟΥΡΓΗΘΕΙΣΑ ΚΑΤΑΣΤΑΣΙΣ ΕΚ ΤΗΣ ΕΚΡΗΞΕΩΣ ΤΩΝ ΒΟΜΒΩΝ ΕΙΣ ΤΑ ΤΕΜΕΝΗ
Ὁ κ. Ἀβέρωφ καὶ ὁ ἐν Ἀθήναις Τοῦρκος πρέσβυς
εἶχον πολύωρον συνομιλίαν ἐπὶ τοῦ θέματος
Ο ΜΑΚΑΡΙΟΣ ΘΑ ΖΗΤΗΣΗ ΑΓΓΛΙΚΗΝ ΒΟΗΘΕΙΑΝ ΔΙΑ ΤΗΝ ΠΑΤΑΞΙΝ ΤΟΥ ΛΑΘΡΕΜΠΟΡΙΟΥ ΟΠΛΩΝ;
ΑΘΗΝΑΙ, 28.— Η ανακοίνωσις αύτη εξεδόθη κατόπιν συσκέψεως των αρμοδίων, κατά την οποίαν εξητάσθη λεπτομερώς το όλον ζήτημα. Αι σχετικαί διαπραγματεύσεις συνεχίζονται ήδη εντός πνεύματος αμοιβαίας κατανοήσεως, ενώ οι κύκλοι της πρωτευούσης παρακολουθούν μετ' ενδιαφέροντος την εξέλιξιν των πραγμάτων. Κατά πληροφορίας εκ πηγής εγκύρου, η κυβέρνησις θα ανακοινώση προσεχώς τας αποφάσεις της επί των θεμάτων τα οποία απασχολούν την κοινήν γνώμην. Ο πρόεδρος ετόνισεν ότι η κατάστασις δεν παρουσιάζει ανησυχητικά στοιχεία, υπό την προϋπόθεσιν ότι θα τηρηθούν αι συμφωνίαι. Εν συνεχεία ανεφέρθη εις την ανάγκην στενωτέρας συνεργασίας μεταξύ των ενδιαφερομένων χωρών. Η ανακοίνωσις αύτη εξεδόθη κατόπιν συσκέψεως των αρμοδίων, κατά την οποίαν εξητάσθη λεπτομερώς το όλον ζήτημα. Αι σχετικαί διαπραγματεύσεις συνεχίζονται ήδη εντός πνεύματος αμοιβαίας κατανοήσεως, ενώ οι κύκλοι της πρωτευούσης παρακολουθούν μετ' ενδιαφέροντος την εξέλιξιν των πραγμάτων. Κατά πληροφορίας εκ πηγής εγκύρου, η κυβέρνησις θα ανακοινώση προσεχώς τας αποφάσεις της επί των θεμάτων τα οποία απασχολούν την κοινήν γνώμην. Ο πρόεδρος ετόνισεν ότι η κατάστασις δεν παρουσιάζει ανησυχητικά στοιχεία, υπό την προϋπόθεσιν ότι θα τηρηθούν αι συμφωνίαι. Εν συνεχεία ανεφέρθη εις την ανάγκην στενωτέρας συνεργασίας μεταξύ των ενδιαφερομένων χωρών.
ΑΛΛΑ ΔΗΜΟΣΙΕΥΜΑΤΑ
Η ανακοίνωσις αύτη εξεδόθη κατόπιν συσκέψεως των αρμοδίων, κατά την οποίαν εξητάσθη λεπτομερώς το όλον ζήτημα. Αι σχετικαί διαπραγματεύσεις συνεχίζονται ήδη εντός πνεύματος αμοιβαίας κατανοήσεως, ενώ οι κύκλοι της πρωτευούσης παρακολουθούν μετ' ενδιαφέροντος την εξέλιξιν των πραγμάτων. Κατά πληροφορίας εκ πηγής εγκύρου, η κυβέρνησις θα ανακοινώση προσεχώς τας αποφάσεις της επί των θεμάτων τα οποία απασχολούν την κοινήν γνώμην. Ο πρόεδρος ετόνισεν ότι η κατάστασις δεν παρουσιάζει ανησυχητικά στοιχεία, υπό την προϋπόθεσιν ότι θα τηρηθούν αι συμφωνίαι. Εν συνεχεία ανεφέρθη εις την ανάγκην στενωτέρας συνεργασίας μεταξύ των ενδιαφερομένων χωρών. Η ανακοίνωσις αύτη εξεδόθη κατόπιν συσκέψεως των αρμοδίων, κατά την οποίαν εξητάσθη λεπτομερώς το όλον ζήτημα. Αι σχετικαί διαπραγματεύσεις συνεχίζονται ήδη εντός πνεύματος αμοιβαίας κατανοήσεως, ενώ οι κύκλοι της πρωτευούσης παρακολουθούν μετ' ενδιαφέροντος την εξέλιξιν των πραγμάτων. Κατά πληροφορίας εκ πηγής εγκύρου, η κυβέρνησις θα ανακοινώση προσεχώς τας αποφάσεις της επί των θεμάτων τα οποία απασχολούν την κοινήν γνώμην. Ο πρόεδρος ετόνισεν ότι η κατάστασις δεν παρουσιάζει ανησυχητικά στοιχεία, υπό την προϋπόθεσιν ότι θα τηρηθούν αι συμφωνίαι. Εν συνεχεία ανεφέρθη εις την ανάγκην στενωτέρας συνεργασίας μεταξύ των ενδιαφερομένων χωρών.
ΣΥΝΟΜΙΛΙΑ ΤΩΝ ΗΓΕΤΩΝ
Η ανακοίνωσις αύτη εξεδόθη κατόπιν συσκέψεως των αρμοδίων, κατά την οποίαν εξητάσθη λεπτομερώς το όλον ζήτημα. Αι σχετικαί διαπραγματεύσεις συνεχίζονται ήδη εντός πνεύματος αμοιβαίας κατανοήσεως, ενώ οι κύκλοι της πρωτευούσης παρακολουθούν μετ' ενδιαφέροντος την εξέλιξιν των πραγμάτων. Κατά πληροφορίας εκ πηγής εγκύρου, η κυβέρνησις θα ανακοινώση προσεχώς τας αποφάσεις της επί των θεμάτων τα οποία απασχολούν την κοινήν γνώμην. Ο πρόεδρος ετόνισεν ότι η κατάστασις δεν παρουσιάζει ανησυχητικά στοιχεία, υπό την προϋπόθεσιν ότι θα τηρηθούν αι συμφωνίαι. Εν συνεχεία ανεφέρθη εις την ανάγκην στενωτέρας συνεργασίας μεταξύ των ενδιαφερομένων χωρών. Η ανακοίνωσις αύτη εξεδόθη κατόπιν συσκέψεως των αρμοδίων, κατά την οποίαν εξητάσθη λεπτομερώς το όλον ζήτημα. Αι σχετικαί διαπραγματεύσεις συνεχίζονται ήδη εντός πνεύματος αμοιβαίας κατανοήσεως, ενώ οι κύκλοι της πρωτευούσης παρακολουθούν μετ' ενδιαφέροντος την εξέλιξιν των πραγμάτων. Κατά πληροφορίας εκ πηγής εγκύρου, η κυβέρνησις θα ανακοινώση προσεχώς τας αποφάσεις της επί των θεμάτων τα οποία απασχολούν την κοινήν γνώμην. Ο πρόεδρος ετόνισεν ότι η κατάστασις δεν παρουσιάζει ανησυχητικά στοιχεία, υπό την προϋπόθεσιν ότι θα τηρηθούν αι συμφωνίαι. Εν συνεχεία ανεφέρθη εις την ανάγκην στενωτέρας συνεργασίας μεταξύ των ενδιαφερομένων χωρών.
ΣΧΟΛΙΑ ΤΗΣ «ΧΟΥΡΙΕΤ»
ΚΑΙ 23ΗΝ ΥΠΟΓΕΙΟΝ ΠΥΡΗΝΙΚΗΝ ΕΚΡΗΞΙΝ ΕΠΡΑΓΜΑΤΟΠΟΙΗΣΑΝ ΑΙ ΗΝΩΜ. ΠΟΛΙΤΕΙΑΙ
ΕΠΙΚΕΙΝΤΑΙ ΑΙ ΑΤΜΟΣΦΑΙΡΙΚΑΙ ΔΟΚΙΜΑΙ
Ἀπειλεῖ νὰ τὰς ἐπαναλάβῃ καὶ ἡ Ρωσσία
ἐὰν οἱ Ἀμερικανοὶ δὲν ἀλλάξουν σχέδια
ΣΤΑΣΙΜΟΙ ΑΙ ΣΥΝΟΜΙΛΙΑΙ ΤΗΣ ΕΠΙΤΡΟΠΗΣ ΕΝ ΓΕΝΕΥΗ
ΕΙΣ 30.000.000 ΔΡΑΧΜ. ΥΠΟΛΟΓΙΖΟΝΤΑΙ ΑΙ ΖΗΜΙΑΙ ΕΚ ΤΗΣ ΠΥΡΚΑΪΑΣ ΕΙΣ ΤΟ ΓΚΑΛΕΡΙ ΜΠΑΡΜΠΕΣ
ΠΑΡΙΣΙΟΙ, 28. (Ασσ. Πρές). Η ανακοίνωσις αύτη εξεδόθη κατόπιν συσκέψεως των αρμοδίων, κατά την οποίαν εξητάσθη λεπτομερώς το όλον ζήτημα. Αι σχετικαί διαπραγματεύσεις συνεχίζονται ήδη εντός πνεύματος αμοιβαίας κατανοήσεως, ενώ οι κύκλοι της πρωτευούσης παρακολουθούν μετ' ενδιαφέροντος την εξέλιξιν των πραγμάτων. Κατά πληροφορίας εκ πηγής εγκύρου, η κυβέρνησις θα ανακοινώση προσεχώς τας αποφάσεις της επί των θεμάτων τα οποία απασχολούν την κοινήν γνώμην. Ο πρόεδρος ετόνισεν ότι η κατάστασις δεν παρουσιάζει ανησυχητικά στοιχεία, υπό την προϋπόθεσιν ότι θα τηρηθούν αι συμφωνίαι. Εν συνεχεία ανεφέρθη εις την ανάγκην στενωτέρας συνεργασίας μεταξύ των ενδιαφερομένων χωρών. Η ανακοίνωσις αύτη εξεδόθη κατόπιν συσκέψεως των αρμοδίων, κατά την οποίαν εξητάσθη λεπτομερώς το όλον ζήτημα. Αι σχετικαί διαπραγματεύσεις συνεχίζονται ήδη εντός πνεύματος αμοιβαίας κατανοήσεως, ενώ οι κύκλοι της πρωτευούσης παρακολουθούν μετ' ενδιαφέροντος την εξέλιξιν των πραγμάτων. Κατά πληροφορίας εκ πηγής εγκύρου, η κυβέρνησις θα ανακοινώση προσεχώς τας αποφάσεις της επί των θεμάτων τα οποία απασχολούν την κοινήν γνώμην. Ο πρόεδρος ετόνισεν ότι η κατάστασις δεν παρουσιάζει ανησυχητικά στοιχεία, υπό την προϋπόθεσιν ότι θα τηρηθούν αι συμφωνίαι. Εν συνεχεία ανεφέρθη εις την ανάγκην στενωτέρας συνεργασίας μεταξύ των ενδιαφερομένων χωρών.
ΔΙΑΓΝΩΣΜΟΣ ΣΥΓΓΡΑΦΗΣ ΔΥΟ ΣΧΟΛΙΚΩΝ ΒΙΒΛΙΩΝ
Η ανακοίνωσις αύτη εξεδόθη κατόπιν συσκέψεως των αρμοδίων, κατά την οποίαν εξητάσθη λεπτομερώς το όλον ζήτημα. Αι σχετικαί διαπραγματεύσεις συνεχίζονται ήδη εντός πνεύματος αμοιβαίας κατανοήσεως, ενώ οι κύκλοι της πρωτευούσης παρακολουθούν μετ' ενδιαφέροντος την εξέλιξιν των πραγμάτων. Κατά πληροφορίας εκ πηγής εγκύρου, η κυβέρνησις θα ανακοινώση προσεχώς τας αποφάσεις της επί των θεμάτων τα οποία απασχολούν την κοινήν γνώμην. Ο πρόεδρος ετόνισεν ότι η κατάστασις δεν παρουσιάζει ανησυχητικά στοιχεία, υπό την προϋπόθεσιν ότι θα τηρηθούν αι συμφωνίαι. Εν συνεχεία ανεφέρθη εις την ανάγκην στενωτέρας συνεργασίας μεταξύ των ενδιαφερομένων χωρών. Η ανακοίνωσις αύτη εξεδόθη κατόπιν συσκέψεως των αρμοδίων, κατά την οποίαν εξητάσθη λεπτομερώς το όλον ζήτημα. Αι σχετικαί διαπραγματεύσεις συνεχίζονται ήδη εντός πνεύματος αμοιβαίας κατανοήσεως, ενώ οι κύκλοι της πρωτευούσης παρακολουθούν μετ' ενδιαφέροντος την εξέλιξιν των πραγμάτων. Κατά πληροφορίας εκ πηγής εγκύρου, η κυβέρνησις θα ανακοινώση προσεχώς τας αποφάσεις της επί των θεμάτων τα οποία απασχολούν την κοινήν γνώμην. Ο πρόεδρος ετόνισεν ότι η κατάστασις δεν παρουσιάζει ανησυχητικά στοιχεία, υπό την προϋπόθεσιν ότι θα τηρηθούν αι συμφωνίαι. Εν συνεχεία ανεφέρθη εις την ανάγκην στενωτέρας συνεργασίας μεταξύ των ενδιαφερομένων χωρών.
ΑΙΓΥΠΤΙΑΚΗ ΑΠΟΣΤΟΛΗ ΘΑ ΜΕΤΑΒΗ ΕΙΣ ΝΟΡΒΗΓΙΑΝ
